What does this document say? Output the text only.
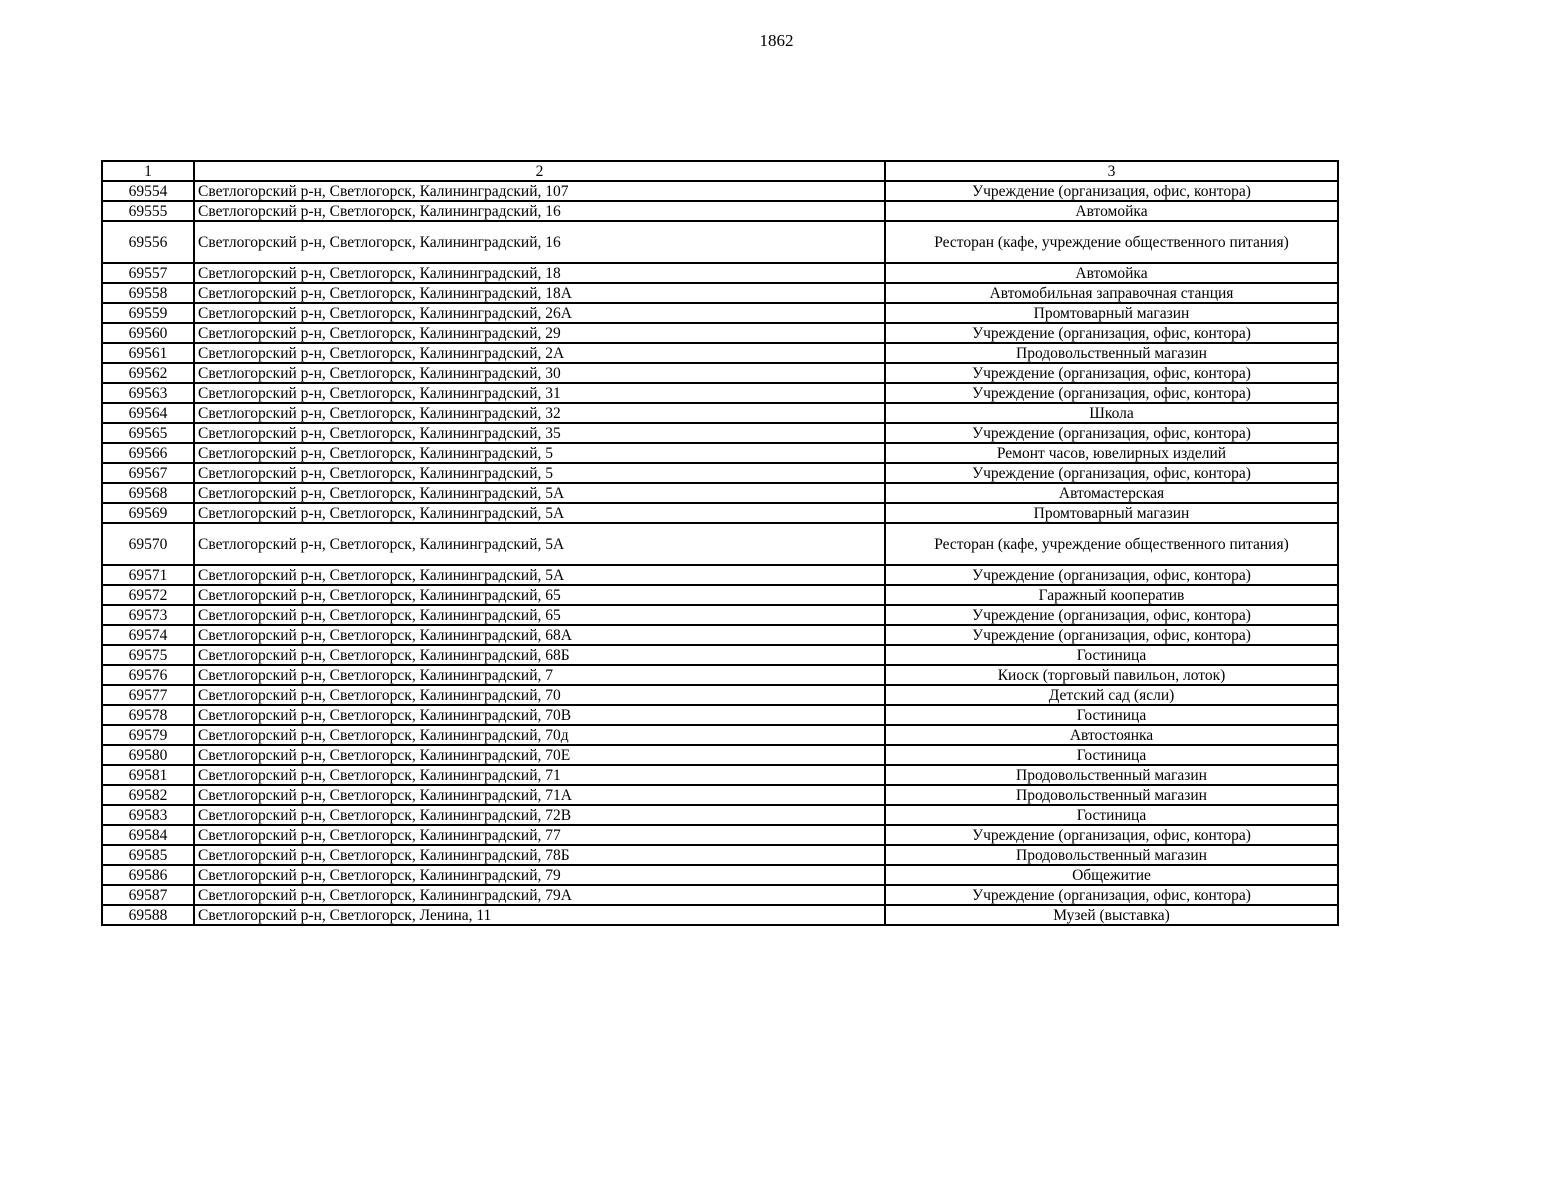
1862
1	2	3
69554	Светлогорский р-н, Светлогорск, Калининградский, 107	Учреждение (организация, офис, контора)
69555	Светлогорский р-н, Светлогорск, Калининградский, 16	Автомойка
69556	Светлогорский р-н, Светлогорск, Калининградский, 16	Ресторан (кафе, учреждение общественного питания)
69557	Светлогорский р-н, Светлогорск, Калининградский, 18	Автомойка
69558	Светлогорский р-н, Светлогорск, Калининградский, 18А	Автомобильная заправочная станция
69559	Светлогорский р-н, Светлогорск, Калининградский, 26А	Промтоварный магазин
69560	Светлогорский р-н, Светлогорск, Калининградский, 29	Учреждение (организация, офис, контора)
69561	Светлогорский р-н, Светлогорск, Калининградский, 2А	Продовольственный магазин
69562	Светлогорский р-н, Светлогорск, Калининградский, 30	Учреждение (организация, офис, контора)
69563	Светлогорский р-н, Светлогорск, Калининградский, 31	Учреждение (организация, офис, контора)
69564	Светлогорский р-н, Светлогорск, Калининградский, 32	Школа
69565	Светлогорский р-н, Светлогорск, Калининградский, 35	Учреждение (организация, офис, контора)
69566	Светлогорский р-н, Светлогорск, Калининградский, 5	Ремонт часов, ювелирных изделий
69567	Светлогорский р-н, Светлогорск, Калининградский, 5	Учреждение (организация, офис, контора)
69568	Светлогорский р-н, Светлогорск, Калининградский, 5А	Автомастерская
69569	Светлогорский р-н, Светлогорск, Калининградский, 5А	Промтоварный магазин
69570	Светлогорский р-н, Светлогорск, Калининградский, 5А	Ресторан (кафе, учреждение общественного питания)
69571	Светлогорский р-н, Светлогорск, Калининградский, 5А	Учреждение (организация, офис, контора)
69572	Светлогорский р-н, Светлогорск, Калининградский, 65	Гаражный кооператив
69573	Светлогорский р-н, Светлогорск, Калининградский, 65	Учреждение (организация, офис, контора)
69574	Светлогорский р-н, Светлогорск, Калининградский, 68А	Учреждение (организация, офис, контора)
69575	Светлогорский р-н, Светлогорск, Калининградский, 68Б	Гостиница
69576	Светлогорский р-н, Светлогорск, Калининградский, 7	Киоск (торговый павильон, лоток)
69577	Светлогорский р-н, Светлогорск, Калининградский, 70	Детский сад (ясли)
69578	Светлогорский р-н, Светлогорск, Калининградский, 70В	Гостиница
69579	Светлогорский р-н, Светлогорск, Калининградский, 70д	Автостоянка
69580	Светлогорский р-н, Светлогорск, Калининградский, 70Е	Гостиница
69581	Светлогорский р-н, Светлогорск, Калининградский, 71	Продовольственный магазин
69582	Светлогорский р-н, Светлогорск, Калининградский, 71А	Продовольственный магазин
69583	Светлогорский р-н, Светлогорск, Калининградский, 72В	Гостиница
69584	Светлогорский р-н, Светлогорск, Калининградский, 77	Учреждение (организация, офис, контора)
69585	Светлогорский р-н, Светлогорск, Калининградский, 78Б	Продовольственный магазин
69586	Светлогорский р-н, Светлогорск, Калининградский, 79	Общежитие
69587	Светлогорский р-н, Светлогорск, Калининградский, 79А	Учреждение (организация, офис, контора)
69588	Светлогорский р-н, Светлогорск, Ленина, 11	Музей (выставка)
